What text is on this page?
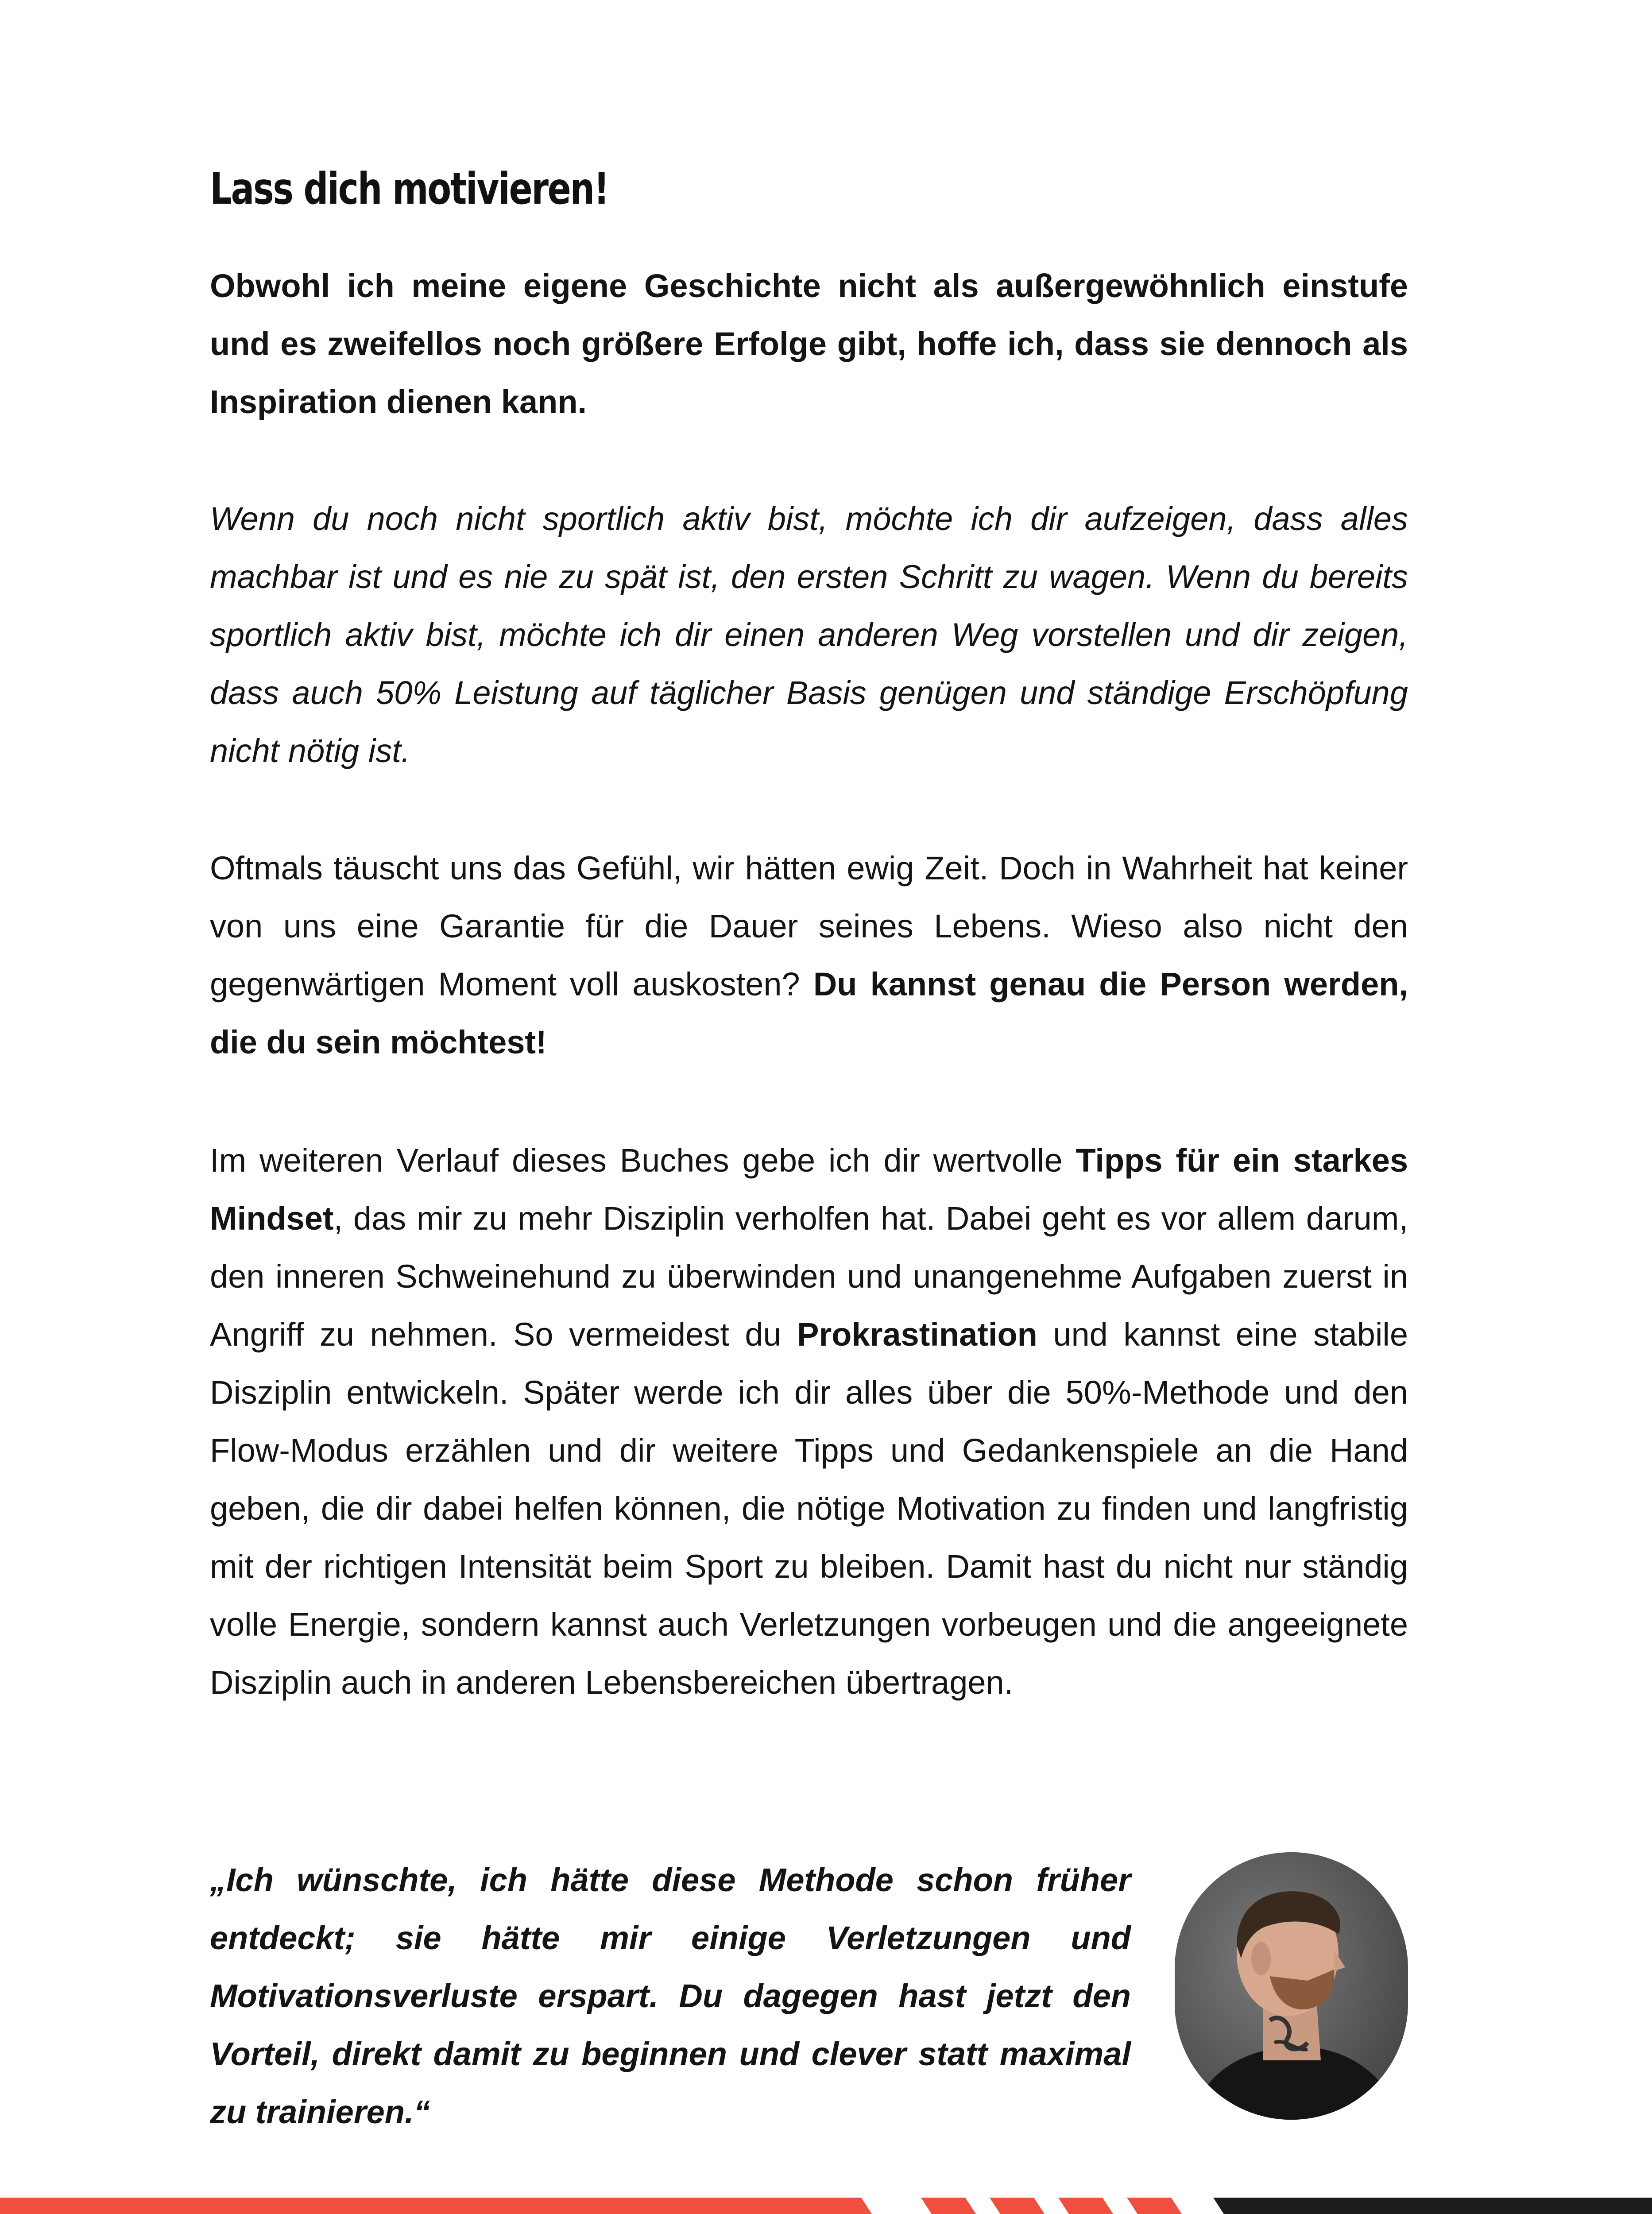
Lass dich motivieren!

Obwohl ich meine eigene Geschichte nicht als außergewöhnlich einstufe und es zweifellos noch größere Erfolge gibt, hoffe ich, dass sie dennoch als Inspiration dienen kann.

Wenn du noch nicht sportlich aktiv bist, möchte ich dir aufzeigen, dass alles machbar ist und es nie zu spät ist, den ersten Schritt zu wagen. Wenn du bereits sportlich aktiv bist, möchte ich dir einen anderen Weg vorstellen und dir zeigen, dass auch 50% Leistung auf täglicher Basis genügen und ständige Erschöpfung nicht nötig ist.

Oftmals täuscht uns das Gefühl, wir hätten ewig Zeit. Doch in Wahrheit hat keiner von uns eine Garantie für die Dauer seines Lebens. Wieso also nicht den gegenwärtigen Moment voll auskosten? Du kannst genau die Person werden, die du sein möchtest!

Im weiteren Verlauf dieses Buches gebe ich dir wertvolle Tipps für ein starkes Mindset, das mir zu mehr Disziplin verholfen hat. Dabei geht es vor allem darum, den inneren Schweinehund zu überwinden und unangenehme Aufgaben zuerst in Angriff zu nehmen. So vermeidest du Prokrastination und kannst eine stabile Disziplin entwickeln. Später werde ich dir alles über die 50%-Methode und den Flow-Modus erzählen und dir weitere Tipps und Gedankenspiele an die Hand geben, die dir dabei helfen können, die nötige Motivation zu finden und langfristig mit der richtigen Intensität beim Sport zu bleiben. Damit hast du nicht nur ständig volle Energie, sondern kannst auch Verletzungen vorbeugen und die angeeignete Disziplin auch in anderen Lebensbereichen übertragen.

„Ich wünschte, ich hätte diese Methode schon früher entdeckt; sie hätte mir einige Verletzungen und Motivationsverluste erspart. Du dagegen hast jetzt den Vorteil, direkt damit zu beginnen und clever statt maximal zu trainieren.“
